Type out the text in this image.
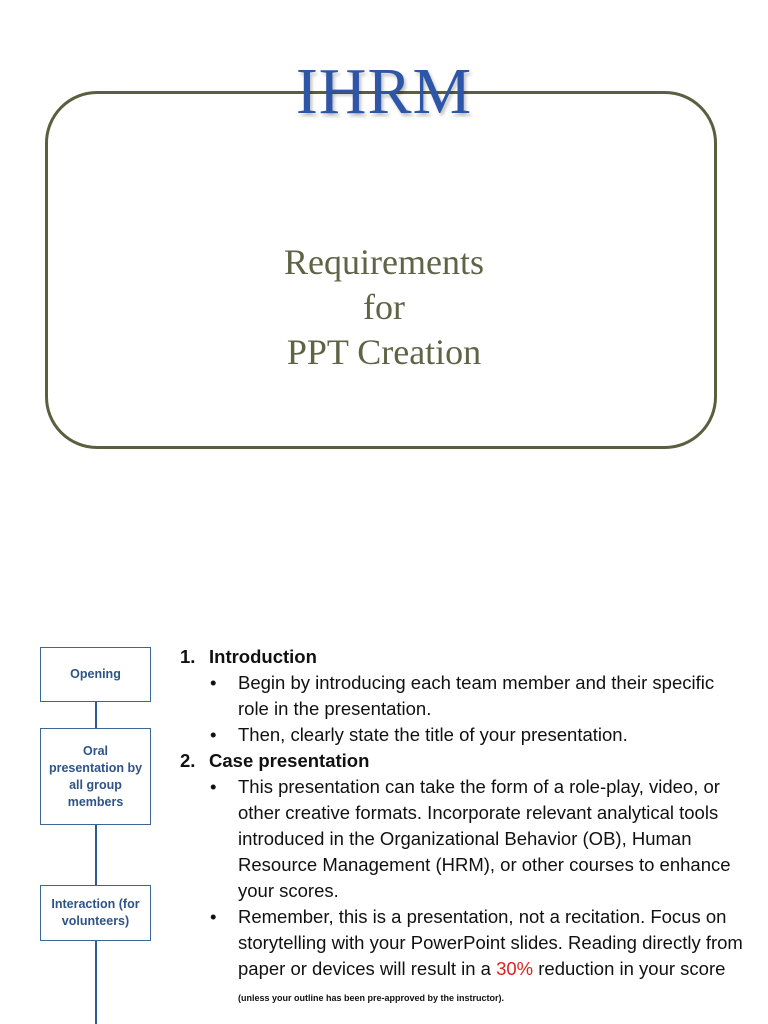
IHRM
Requirements
for
PPT Creation
Opening
Oral presentation by all group members
Interaction (for volunteers)
1. Introduction
• Begin by introducing each team member and their specific role in the presentation.
• Then, clearly state the title of your presentation.
2. Case presentation
• This presentation can take the form of a role-play, video, or other creative formats. Incorporate relevant analytical tools introduced in the Organizational Behavior (OB), Human Resource Management (HRM), or other courses to enhance your scores.
• Remember, this is a presentation, not a recitation. Focus on storytelling with your PowerPoint slides. Reading directly from paper or devices will result in a 30% reduction in your score (unless your outline has been pre-approved by the instructor).
